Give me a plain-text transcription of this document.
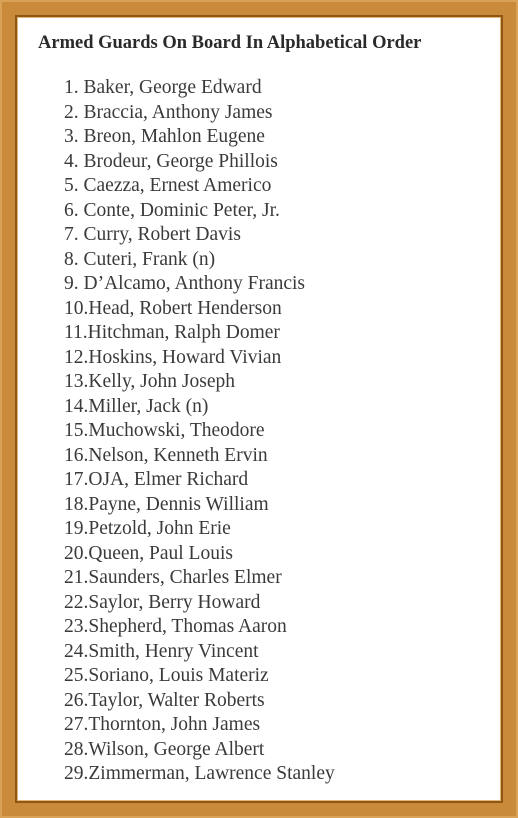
Armed Guards On Board In Alphabetical Order
1. Baker, George Edward
2. Braccia, Anthony James
3. Breon, Mahlon Eugene
4. Brodeur, George Phillois
5. Caezza, Ernest Americo
6. Conte, Dominic Peter, Jr.
7. Curry, Robert Davis
8. Cuteri, Frank (n)
9. D’Alcamo, Anthony Francis
10.Head, Robert Henderson
11.Hitchman, Ralph Domer
12.Hoskins, Howard Vivian
13.Kelly, John Joseph
14.Miller, Jack (n)
15.Muchowski, Theodore
16.Nelson, Kenneth Ervin
17.OJA, Elmer Richard
18.Payne, Dennis William
19.Petzold, John Erie
20.Queen, Paul Louis
21.Saunders, Charles Elmer
22.Saylor, Berry Howard
23.Shepherd, Thomas Aaron
24.Smith, Henry Vincent
25.Soriano, Louis Materiz
26.Taylor, Walter Roberts
27.Thornton, John James
28.Wilson, George Albert
29.Zimmerman, Lawrence Stanley
